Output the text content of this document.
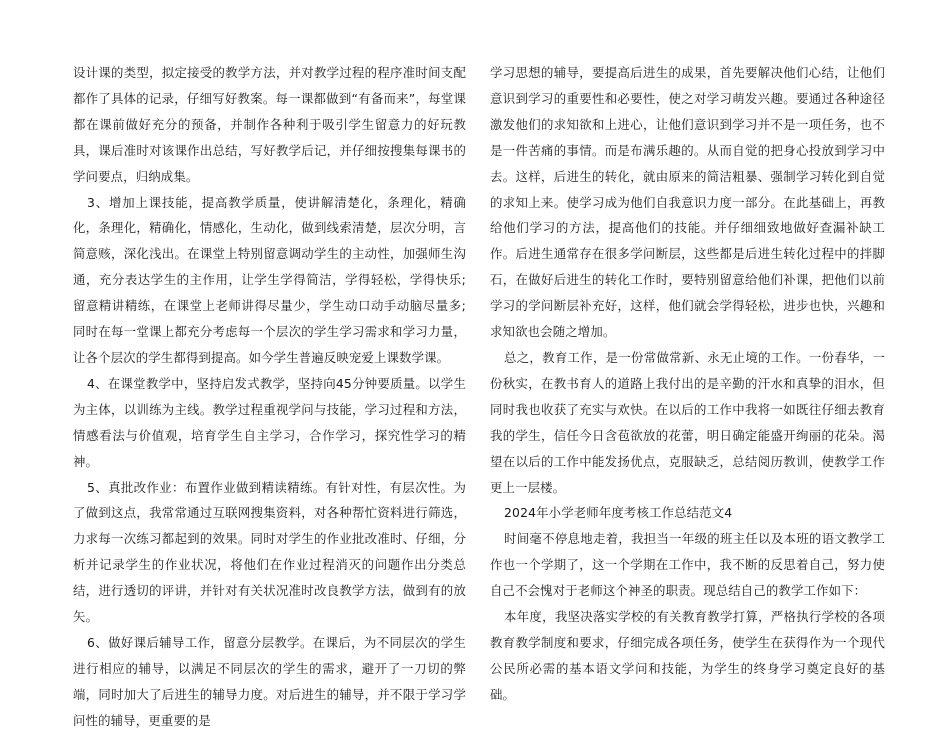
设计课的类型，拟定接受的教学方法，并对教学过程的程序准时间支配都作了具体的记录，仔细写好教案。每一课都做到“有备而来”，每堂课都在课前做好充分的预备，并制作各种利于吸引学生留意力的好玩教具，课后准时对该课作出总结，写好教学后记，并仔细按搜集每课书的学问要点，归纳成集。

3、增加上课技能，提高教学质量，使讲解清楚化，条理化，精确化，条理化，精确化，情感化，生动化，做到线索清楚，层次分明，言简意赅，深化浅出。在课堂上特别留意调动学生的主动性，加强师生沟通，充分表达学生的主作用，让学生学得简洁，学得轻松，学得快乐;留意精讲精练，在课堂上老师讲得尽量少，学生动口动手动脑尽量多;同时在每一堂课上都充分考虑每一个层次的学生学习需求和学习力量，让各个层次的学生都得到提高。如今学生普遍反映宠爱上课数学课。

4、在课堂教学中，坚持启发式教学，坚持向45分钟要质量。以学生为主体，以训练为主线。教学过程重视学问与技能，学习过程和方法，情感看法与价值观，培育学生自主学习，合作学习，探究性学习的精神。

5、真批改作业：布置作业做到精读精练。有针对性，有层次性。为了做到这点，我常常通过互联网搜集资料，对各种帮忙资料进行筛选，力求每一次练习都起到的效果。同时对学生的作业批改准时、仔细，分析并记录学生的作业状况，将他们在作业过程消灭的问题作出分类总结，进行透切的评讲，并针对有关状况准时改良教学方法，做到有的放矢。

6、做好课后辅导工作，留意分层教学。在课后，为不同层次的学生进行相应的辅导，以满足不同层次的学生的需求，避开了一刀切的弊端，同时加大了后进生的辅导力度。对后进生的辅导，并不限于学习学问性的辅导，更重要的是

学习思想的辅导，要提高后进生的成果，首先要解决他们心结，让他们意识到学习的重要性和必要性，使之对学习萌发兴趣。要通过各种途径激发他们的求知欲和上进心，让他们意识到学习并不是一项任务，也不是一件苦痛的事情。而是布满乐趣的。从而自觉的把身心投放到学习中去。这样，后进生的转化，就由原来的简洁粗暴、强制学习转化到自觉的求知上来。使学习成为他们自我意识力度一部分。在此基础上，再教给他们学习的方法，提高他们的技能。并仔细细致地做好查漏补缺工作。后进生通常存在很多学问断层，这些都是后进生转化过程中的拌脚石，在做好后进生的转化工作时，要特别留意给他们补课，把他们以前学习的学问断层补充好，这样，他们就会学得轻松，进步也快，兴趣和求知欲也会随之增加。

总之，教育工作，是一份常做常新、永无止境的工作。一份春华，一份秋实，在教书育人的道路上我付出的是辛勤的汗水和真挚的泪水，但同时我也收获了充实与欢快。在以后的工作中我将一如既往仔细去教育我的学生，信任今日含苞欲放的花蕾，明日确定能盛开绚丽的花朵。渴望在以后的工作中能发扬优点，克服缺乏，总结阅历教训，使教学工作更上一层楼。

2024年小学老师年度考核工作总结范文4

时间毫不停息地走着，我担当一年级的班主任以及本班的语文教学工作也一个学期了，这一个学期在工作中，我不断的反思着自己，努力使自己不会愧对于老师这个神圣的职责。现总结自己的教学工作如下：

本年度，我坚决落实学校的有关教育教学打算，严格执行学校的各项教育教学制度和要求，仔细完成各项任务，使学生在获得作为一个现代公民所必需的基本语文学问和技能，为学生的终身学习奠定良好的基础。
